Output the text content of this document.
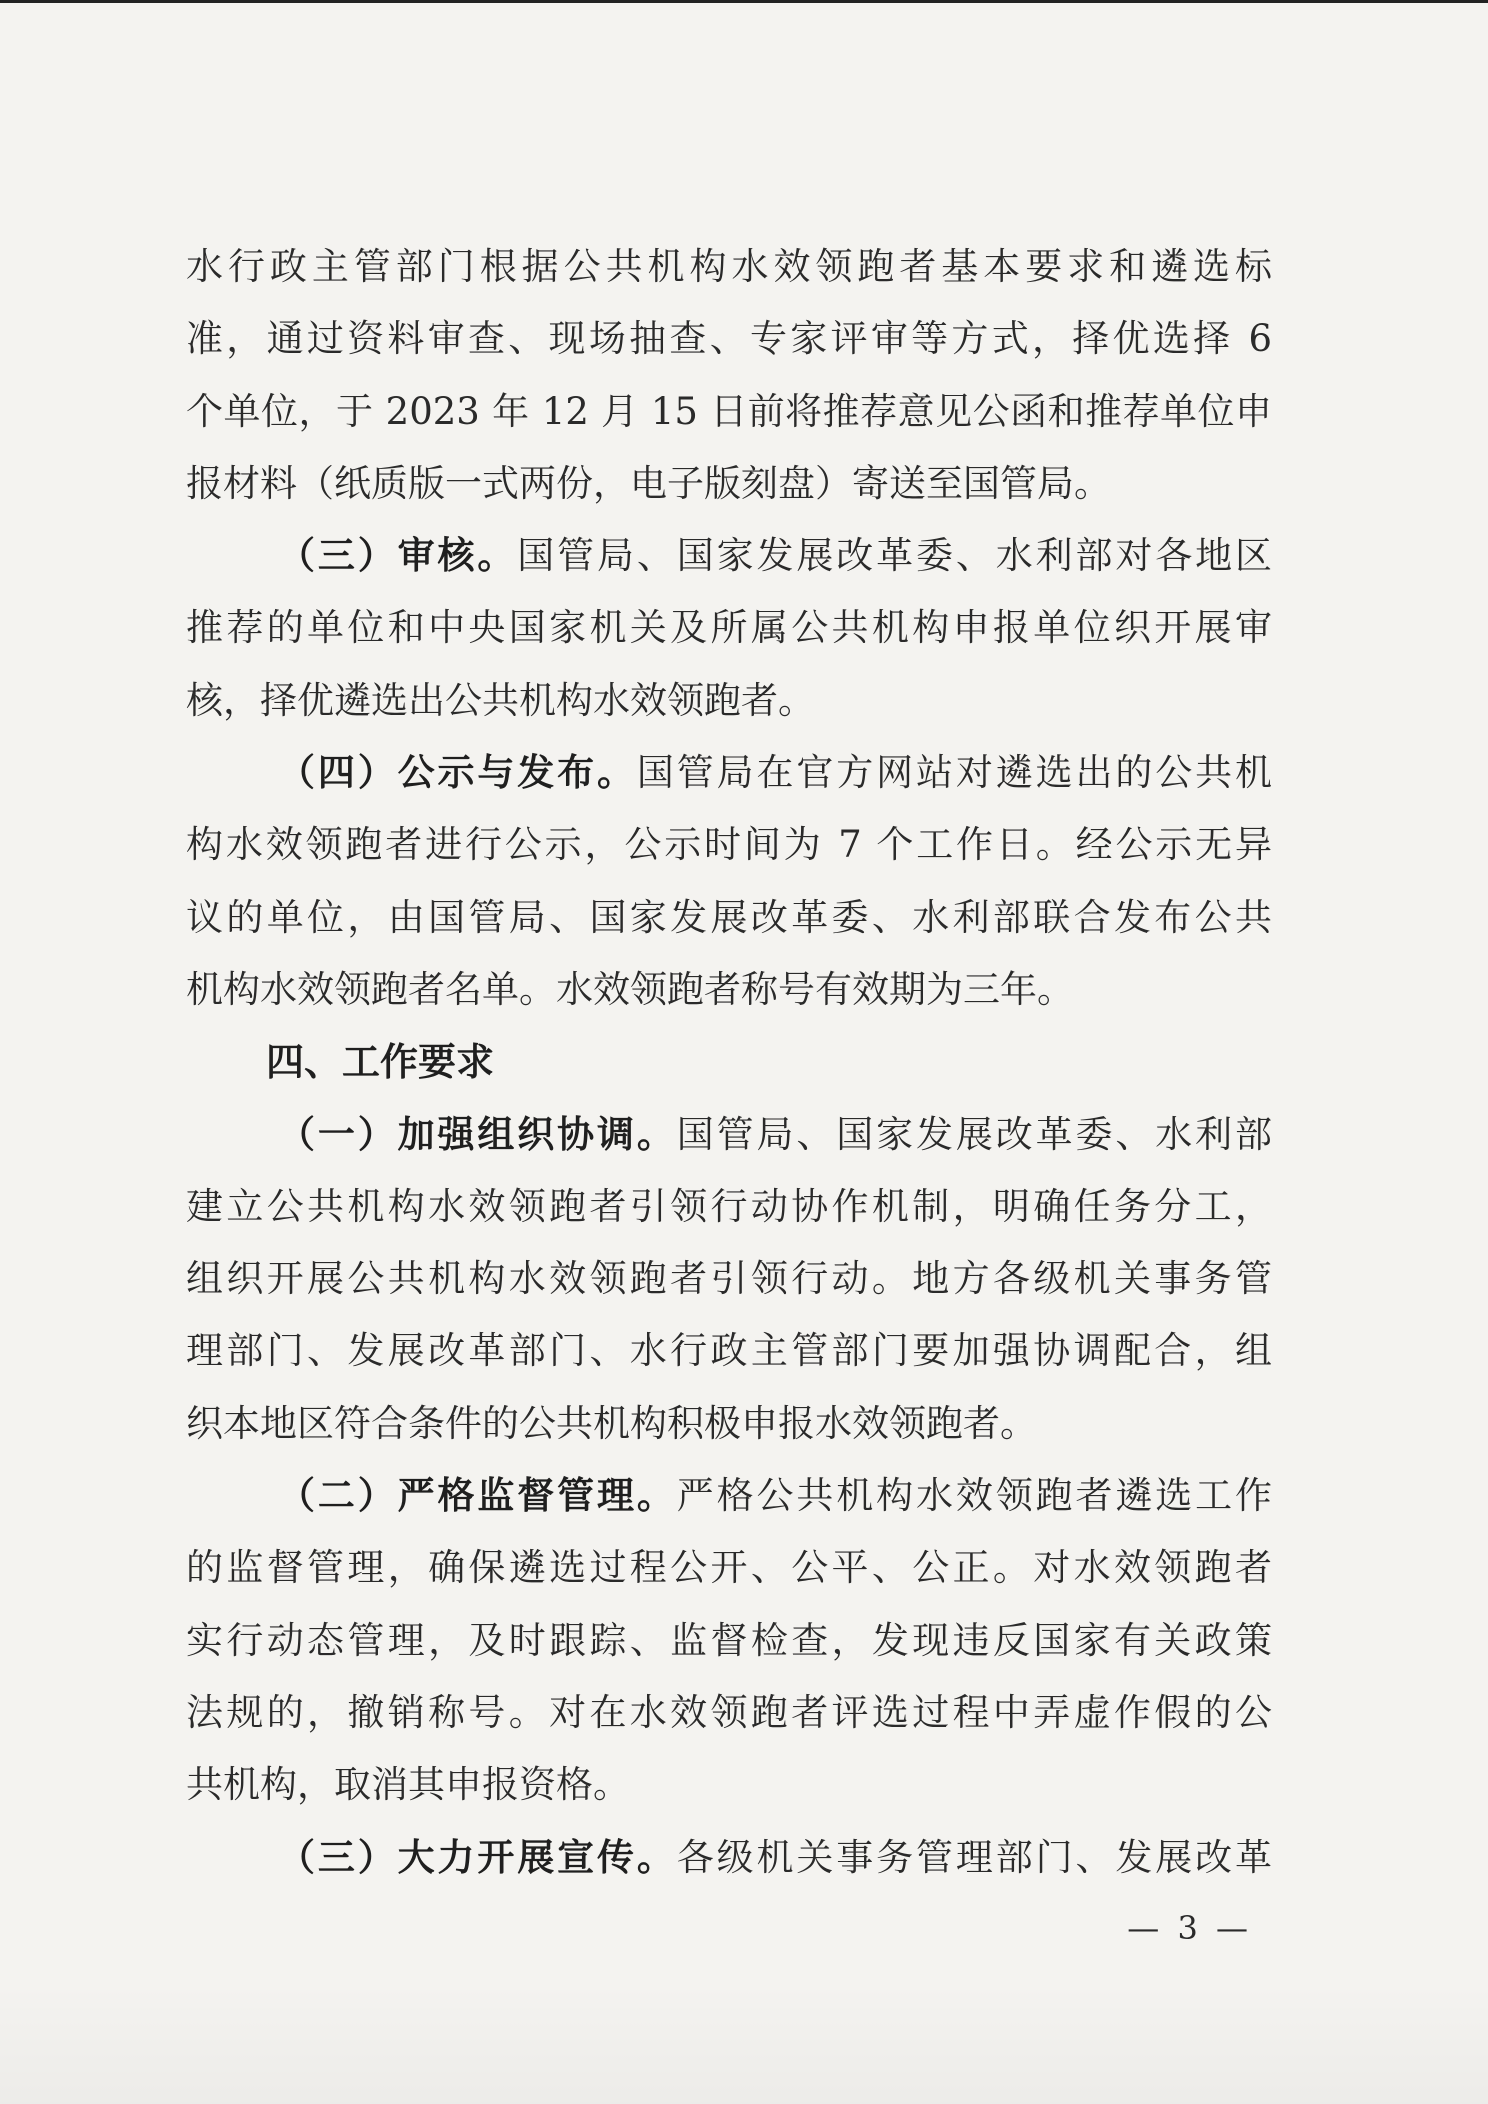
水行政主管部门根据公共机构水效领跑者基本要求和遴选标
准，通过资料审查、现场抽查、专家评审等方式，择优选择 6
个单位，于 2023 年 12 月 15 日前将推荐意见公函和推荐单位申
报材料（纸质版一式两份，电子版刻盘）寄送至国管局。
（三）审核。国管局、国家发展改革委、水利部对各地区
推荐的单位和中央国家机关及所属公共机构申报单位织开展审
核，择优遴选出公共机构水效领跑者。
（四）公示与发布。国管局在官方网站对遴选出的公共机
构水效领跑者进行公示，公示时间为 7 个工作日。经公示无异
议的单位，由国管局、国家发展改革委、水利部联合发布公共
机构水效领跑者名单。水效领跑者称号有效期为三年。
四、工作要求
（一）加强组织协调。国管局、国家发展改革委、水利部
建立公共机构水效领跑者引领行动协作机制，明确任务分工，
组织开展公共机构水效领跑者引领行动。地方各级机关事务管
理部门、发展改革部门、水行政主管部门要加强协调配合，组
织本地区符合条件的公共机构积极申报水效领跑者。
（二）严格监督管理。严格公共机构水效领跑者遴选工作
的监督管理，确保遴选过程公开、公平、公正。对水效领跑者
实行动态管理，及时跟踪、监督检查，发现违反国家有关政策
法规的，撤销称号。对在水效领跑者评选过程中弄虚作假的公
共机构，取消其申报资格。
（三）大力开展宣传。各级机关事务管理部门、发展改革
— 3 —
